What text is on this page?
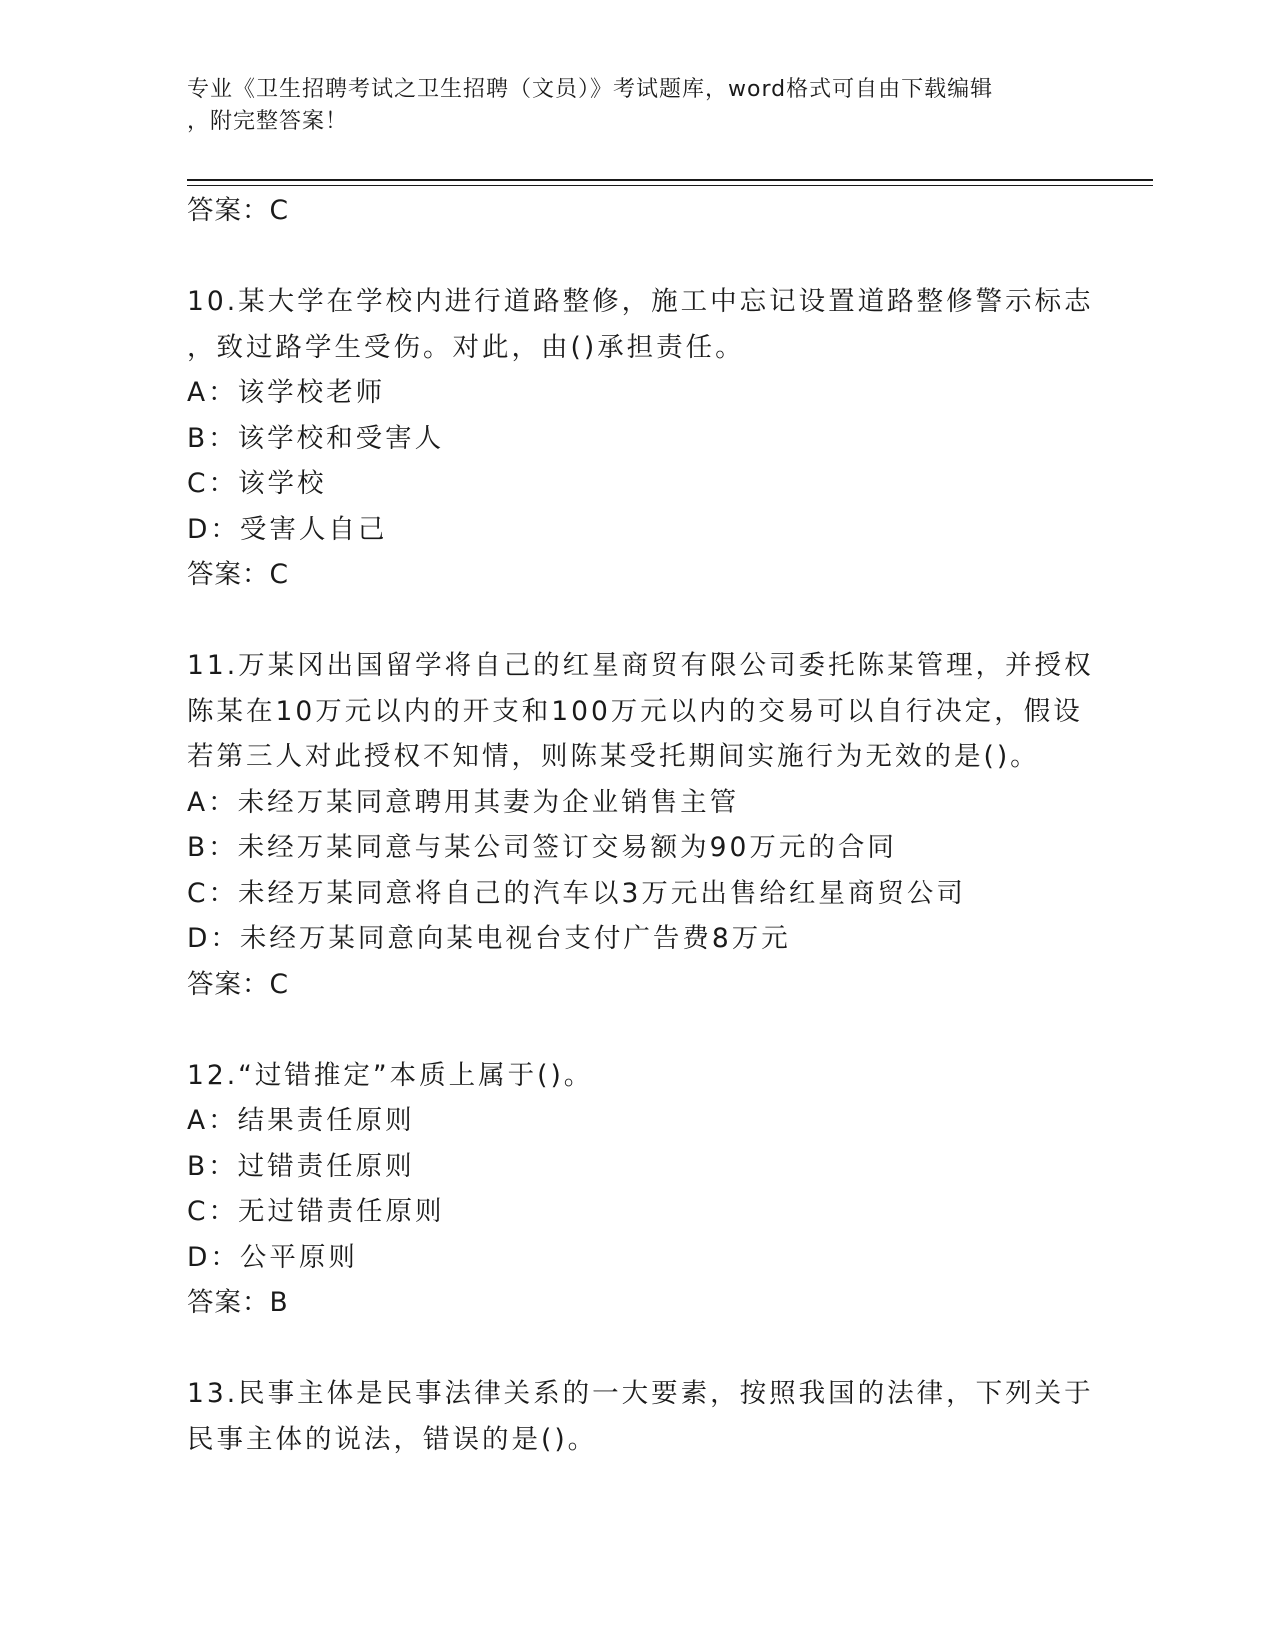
专业《卫生招聘考试之卫生招聘（文员）》考试题库，word格式可自由下载编辑
，附完整答案！
答案：C
10.某大学在学校内进行道路整修，施工中忘记设置道路整修警示标志
，致过路学生受伤。对此，由()承担责任。
A：该学校老师
B：该学校和受害人
C：该学校
D：受害人自己
答案：C
11.万某冈出国留学将自己的红星商贸有限公司委托陈某管理，并授权
陈某在10万元以内的开支和100万元以内的交易可以自行决定，假设
若第三人对此授权不知情，则陈某受托期间实施行为无效的是()。
A：未经万某同意聘用其妻为企业销售主管
B：未经万某同意与某公司签订交易额为90万元的合同
C：未经万某同意将自己的汽车以3万元出售给红星商贸公司
D：未经万某同意向某电视台支付广告费8万元
答案：C
12.“过错推定”本质上属于()。
A：结果责任原则
B：过错责任原则
C：无过错责任原则
D：公平原则
答案：B
13.民事主体是民事法律关系的一大要素，按照我国的法律，下列关于
民事主体的说法，错误的是()。
